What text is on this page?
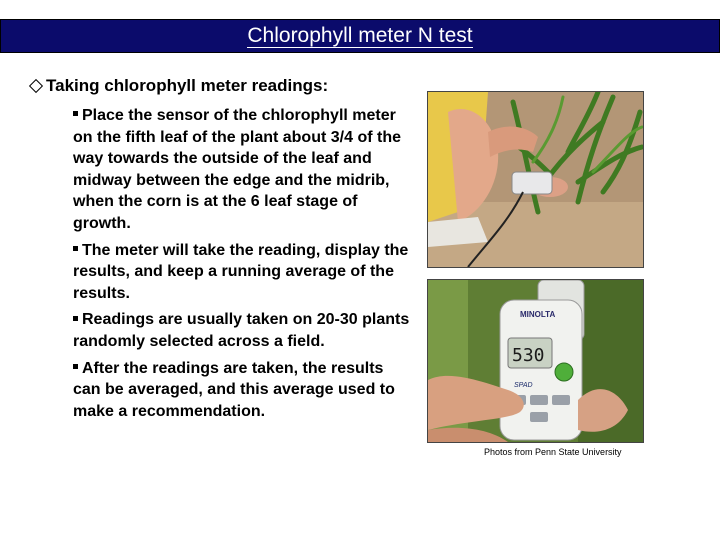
Chlorophyll meter N test
Taking chlorophyll meter readings:

Place the sensor of the chlorophyll meter on the fifth leaf of the plant about 3/4 of the way towards the outside of the leaf and midway between the edge and the midrib, when the corn is at the 6 leaf stage of growth.

The meter will take the reading, display the results, and keep a running average of the results.

Readings are usually taken on 20-30 plants randomly selected across a field.

After the readings are taken, the results can be averaged, and this average used to make a recommendation.

MINOLTA
530
SPAD
Photos from Penn State University
